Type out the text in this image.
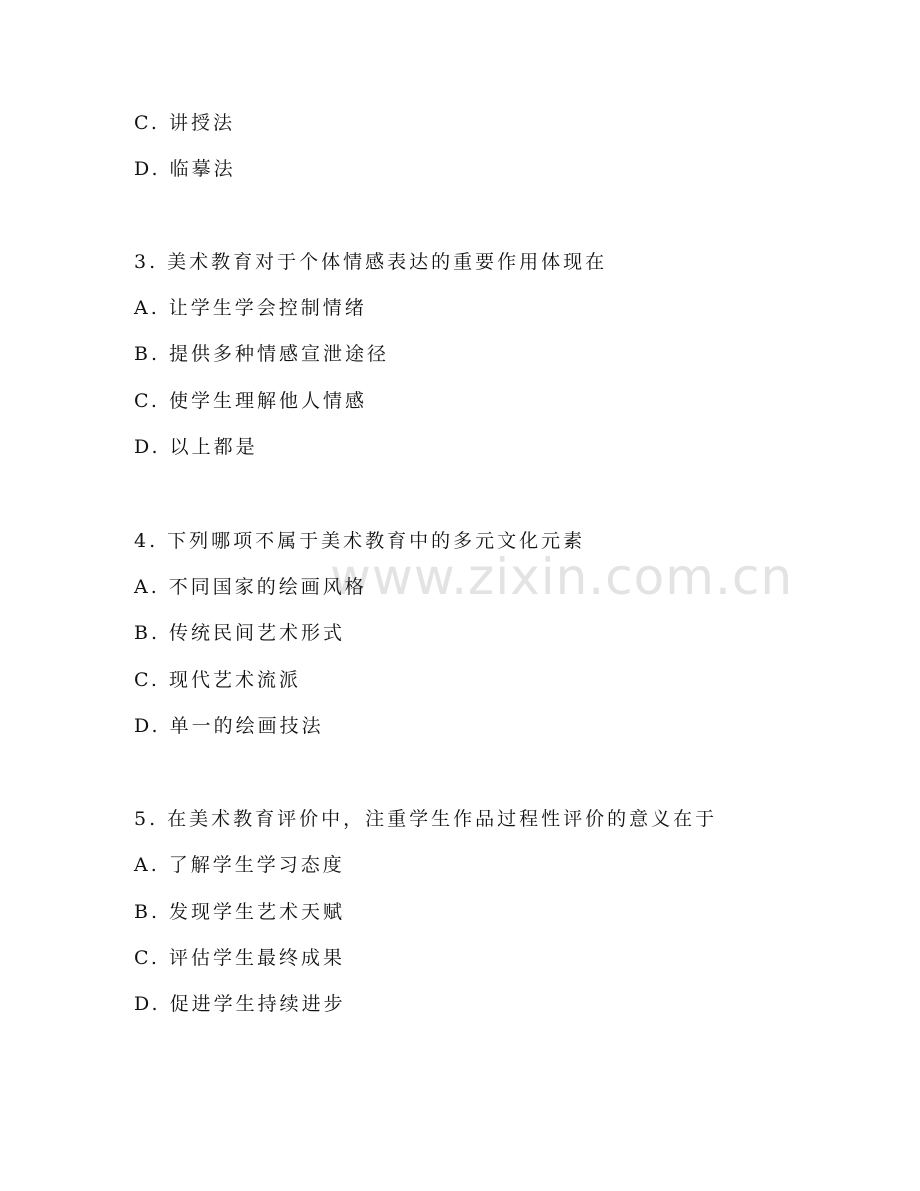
www.zixin.com.cn
C. 讲授法
D. 临摹法
3. 美术教育对于个体情感表达的重要作用体现在
A. 让学生学会控制情绪
B. 提供多种情感宣泄途径
C. 使学生理解他人情感
D. 以上都是
4. 下列哪项不属于美术教育中的多元文化元素
A. 不同国家的绘画风格
B. 传统民间艺术形式
C. 现代艺术流派
D. 单一的绘画技法
5. 在美术教育评价中，注重学生作品过程性评价的意义在于
A. 了解学生学习态度
B. 发现学生艺术天赋
C. 评估学生最终成果
D. 促进学生持续进步
